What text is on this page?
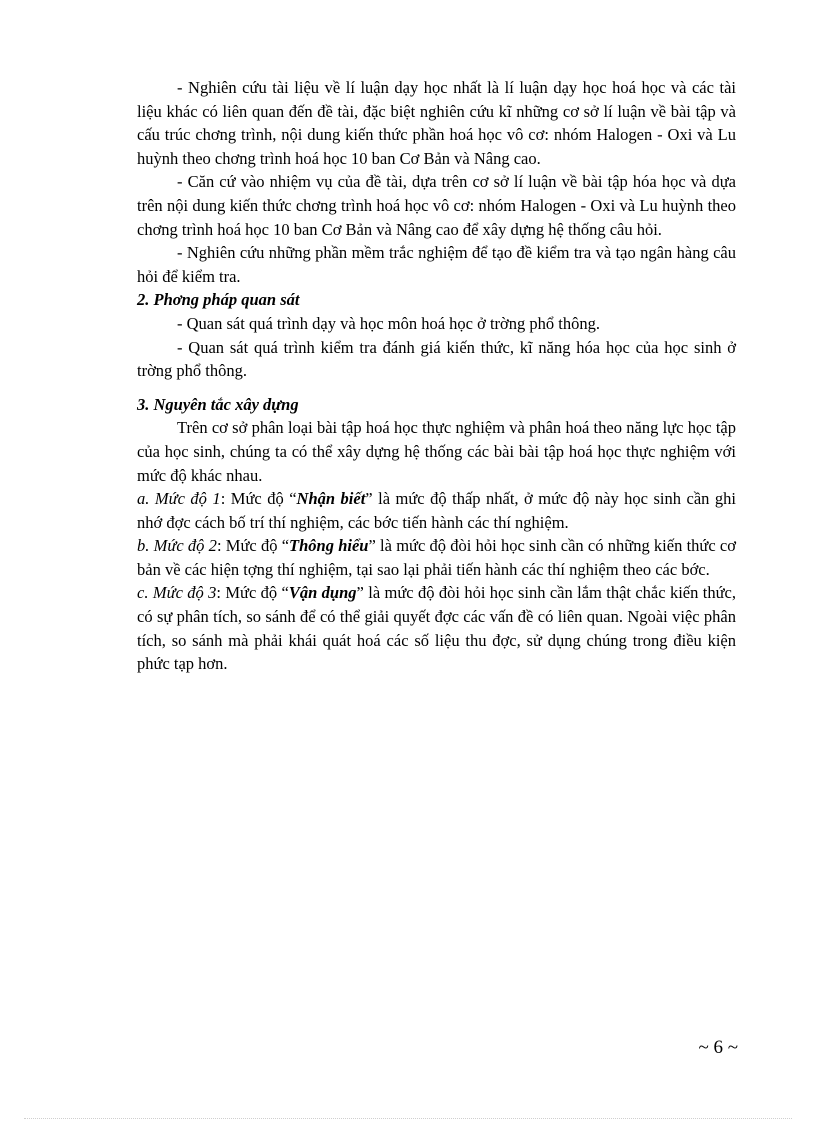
- Nghiên cứu tài liệu về lí luận dạy học nhất là lí luận dạy học hoá học và các tài liệu khác có liên quan đến đề tài, đặc biệt nghiên cứu kĩ những cơ sở lí luận về bài tập và cấu trúc chơng trình, nội dung kiến thức phần hoá học vô cơ: nhóm Halogen - Oxi và Lu huỳnh theo chơng trình hoá học 10 ban Cơ Bản và Nâng cao.

- Căn cứ vào nhiệm vụ của đề tài, dựa trên cơ sở lí luận về bài tập hóa học và dựa trên nội dung kiến thức chơng trình hoá học vô cơ: nhóm Halogen - Oxi và Lu huỳnh theo chơng trình hoá học 10 ban Cơ Bản và Nâng cao để xây dựng hệ thống câu hỏi.

- Nghiên cứu những phần mềm trắc nghiệm để tạo đề kiểm tra và tạo ngân hàng câu hỏi để kiểm tra.

2. Phơng pháp quan sát

- Quan sát quá trình dạy và học môn hoá học ở trờng phổ thông.

- Quan sát quá trình kiểm tra đánh giá kiến thức, kĩ năng hóa học của học sinh ở trờng phổ thông.

3. Nguyên tắc xây dựng

Trên cơ sở phân loại bài tập hoá học thực nghiệm và phân hoá theo năng lực học tập của học sinh, chúng ta có thể xây dựng hệ thống các bài bài tập hoá học thực nghiệm với mức độ khác nhau.

a. Mức độ 1: Mức độ “Nhận biết” là mức độ thấp nhất, ở mức độ này học sinh cần ghi nhớ đợc cách bố trí thí nghiệm, các bớc tiến hành các thí nghiệm.

b. Mức độ 2: Mức độ “Thông hiểu” là mức độ đòi hỏi học sinh cần có những kiến thức cơ bản về các hiện tợng thí nghiệm, tại sao lại phải tiến hành các thí nghiệm theo các bớc.

c. Mức độ 3: Mức độ “Vận dụng” là mức độ đòi hỏi học sinh cần lắm thật chắc kiến thức, có sự phân tích, so sánh để có thể giải quyết đợc các vấn đề có liên quan. Ngoài việc phân tích, so sánh mà phải khái quát hoá các số liệu thu đợc, sử dụng chúng trong điều kiện phức tạp hơn.

~ 6 ~
